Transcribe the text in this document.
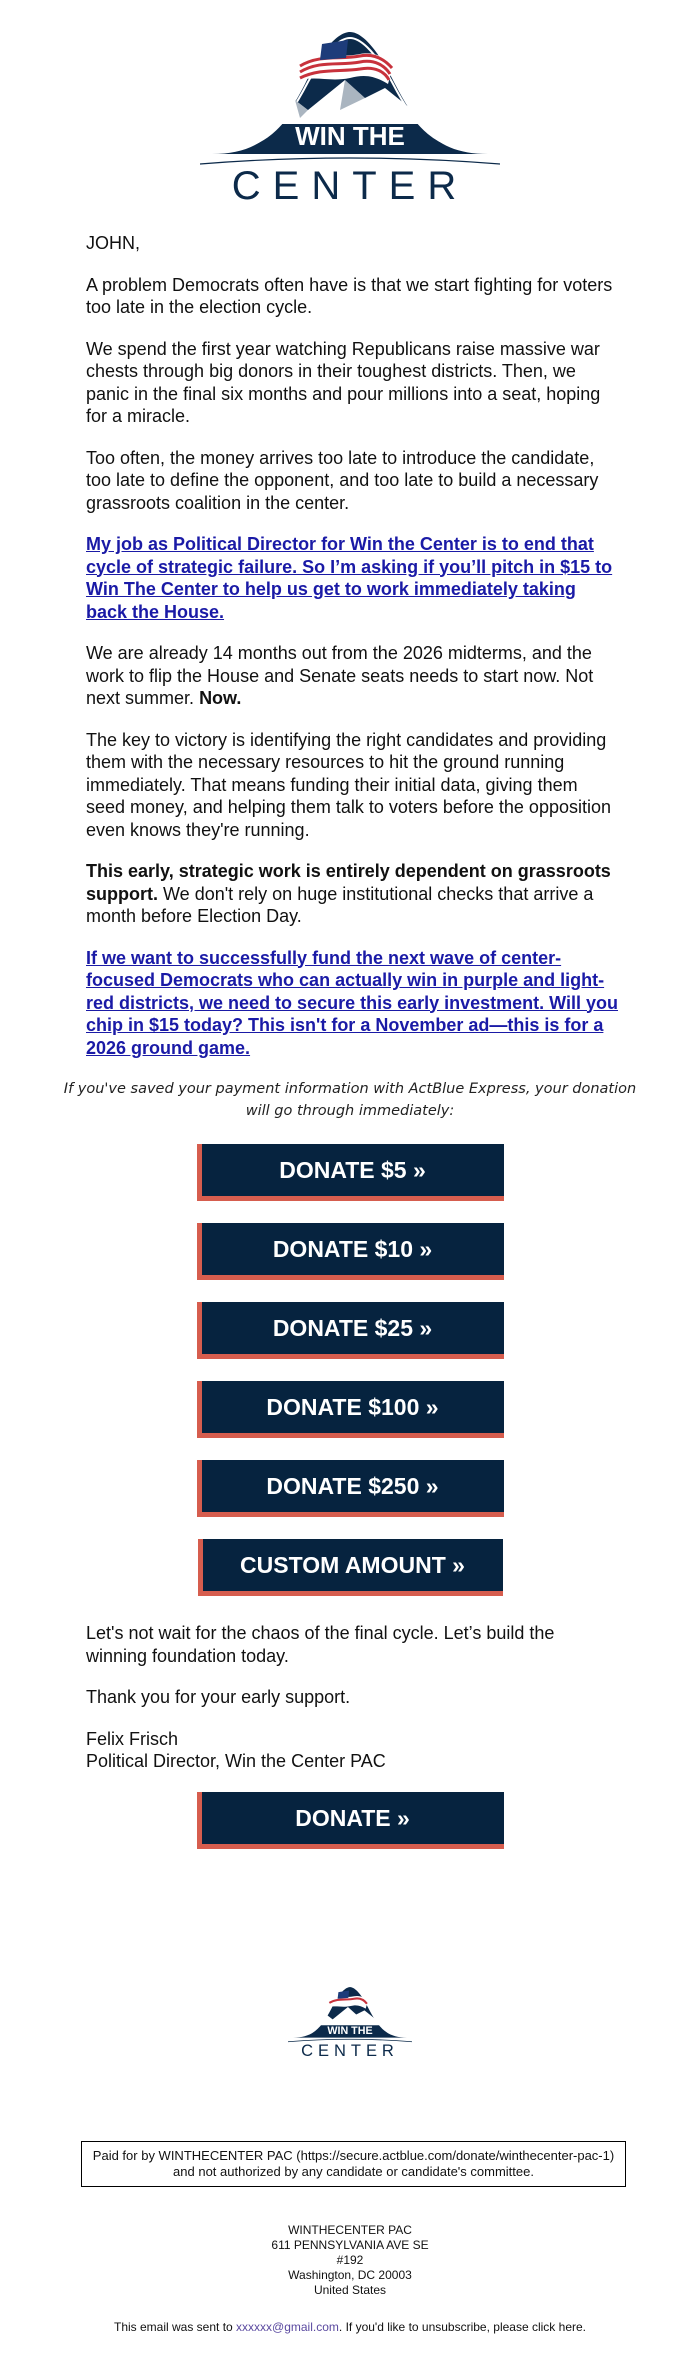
WIN THE
CENTER

JOHN,

A problem Democrats often have is that we start fighting for voters too late in the election cycle.

We spend the first year watching Republicans raise massive war chests through big donors in their toughest districts. Then, we panic in the final six months and pour millions into a seat, hoping for a miracle.

Too often, the money arrives too late to introduce the candidate, too late to define the opponent, and too late to build a necessary grassroots coalition in the center.

My job as Political Director for Win the Center is to end that cycle of strategic failure. So I’m asking if you’ll pitch in $15 to Win The Center to help us get to work immediately taking back the House.

We are already 14 months out from the 2026 midterms, and the work to flip the House and Senate seats needs to start now. Not next summer. Now.

The key to victory is identifying the right candidates and providing them with the necessary resources to hit the ground running immediately. That means funding their initial data, giving them seed money, and helping them talk to voters before the opposition even knows they're running.

This early, strategic work is entirely dependent on grassroots support. We don't rely on huge institutional checks that arrive a month before Election Day.

If we want to successfully fund the next wave of center-focused Democrats who can actually win in purple and light-red districts, we need to secure this early investment. Will you chip in $15 today? This isn't for a November ad—this is for a 2026 ground game.

If you've saved your payment information with ActBlue Express, your donation will go through immediately:

DONATE $5 »
DONATE $10 »
DONATE $25 »
DONATE $100 »
DONATE $250 »
CUSTOM AMOUNT »

Let's not wait for the chaos of the final cycle. Let’s build the winning foundation today.

Thank you for your early support.

Felix Frisch
Political Director, Win the Center PAC

DONATE »
WIN THE
CENTER
Paid for by WINTHECENTER PAC (https://secure.actblue.com/donate/winthecenter-pac-1) and not authorized by any candidate or candidate's committee.
WINTHECENTER PAC
611 PENNSYLVANIA AVE SE
#192
Washington, DC 20003
United States
This email was sent to xxxxxx@gmail.com. If you'd like to unsubscribe, please click here.
